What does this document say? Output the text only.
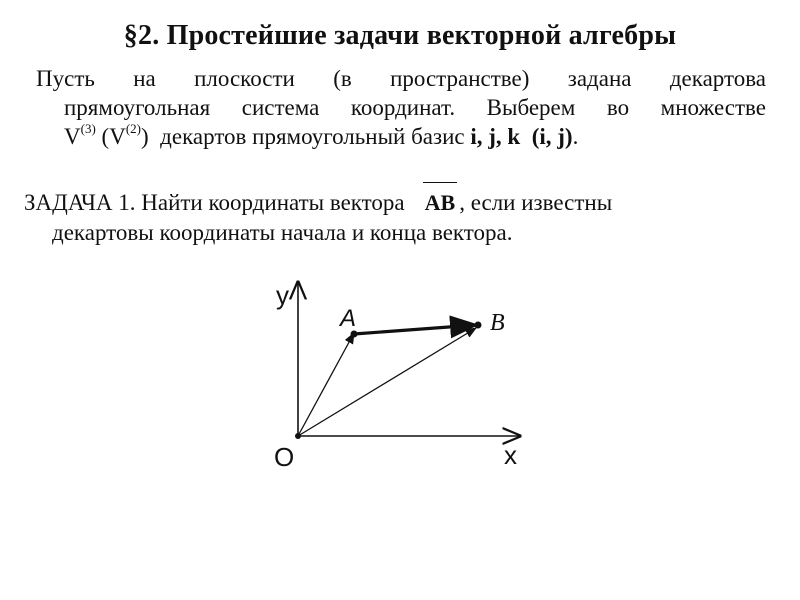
§2. Простейшие задачи векторной алгебры
Пусть на плоскости (в пространстве) задана декартова
прямоугольная система координат. Выберем во множестве
$V^{(3)}$ $(V^{(2)})$  декартов прямоугольный базис i, j, k (i, j).
ЗАДАЧА 1. Найти координаты вектора AB , если известны
декартовы координаты начала и конца вектора.
y
x
O
A	B
